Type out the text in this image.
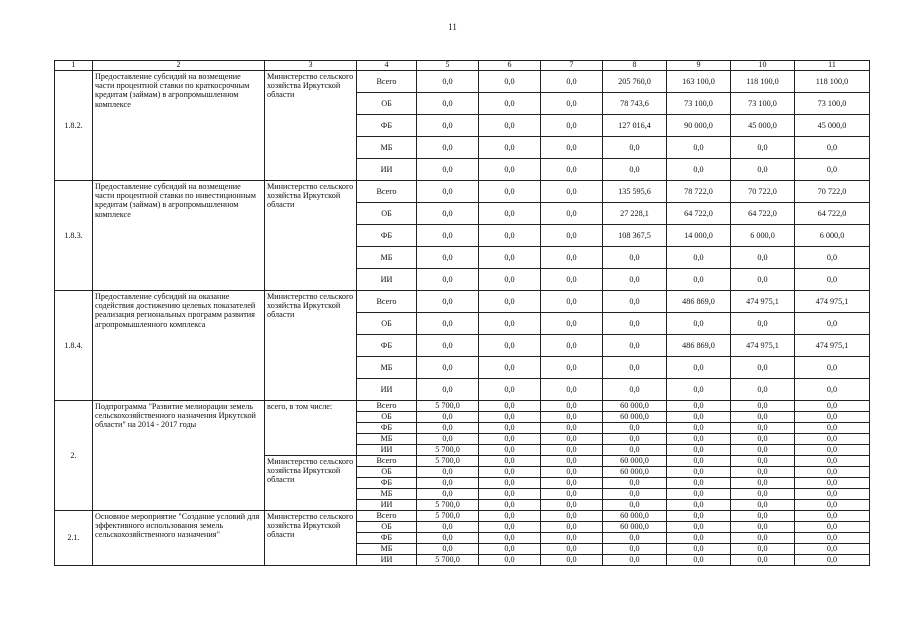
11
1	2	3	4	5	6	7	8	9	10	11
1.8.2.	Предоставление субсидий на возмещение части процентной ставки по краткосрочным кредитам (займам) в агропромышленном комплексе	Министерство сельского хозяйства Иркутской области	Всего	0,0	0,0	0,0	205 760,0	163 100,0	118 100,0	118 100,0
			ОБ	0,0	0,0	0,0	78 743,6	73 100,0	73 100,0	73 100,0
			ФБ	0,0	0,0	0,0	127 016,4	90 000,0	45 000,0	45 000,0
			МБ	0,0	0,0	0,0	0,0	0,0	0,0	0,0
			ИИ	0,0	0,0	0,0	0,0	0,0	0,0	0,0
1.8.3.	Предоставление субсидий на возмещение части процентной ставки по инвестиционным кредитам (займам) в агропромышленном комплексе	Министерство сельского хозяйства Иркутской области	Всего	0,0	0,0	0,0	135 595,6	78 722,0	70 722,0	70 722,0
			ОБ	0,0	0,0	0,0	27 228,1	64 722,0	64 722,0	64 722,0
			ФБ	0,0	0,0	0,0	108 367,5	14 000,0	6 000,0	6 000,0
			МБ	0,0	0,0	0,0	0,0	0,0	0,0	0,0
			ИИ	0,0	0,0	0,0	0,0	0,0	0,0	0,0
1.8.4.	Предоставление субсидий на оказание содействия достижению целевых показателей реализация региональных программ развития агропромышленного комплекса	Министерство сельского хозяйства Иркутской области	Всего	0,0	0,0	0,0	0,0	486 869,0	474 975,1	474 975,1
			ОБ	0,0	0,0	0,0	0,0	0,0	0,0	0,0
			ФБ	0,0	0,0	0,0	0,0	486 869,0	474 975,1	474 975,1
			МБ	0,0	0,0	0,0	0,0	0,0	0,0	0,0
			ИИ	0,0	0,0	0,0	0,0	0,0	0,0	0,0
2.	Подпрограмма "Развитие мелиорации земель сельскохозяйственного назначения Иркутской области" на 2014 - 2017 годы	всего, в том числе:	Всего	5 700,0	0,0	0,0	60 000,0	0,0	0,0	0,0
			ОБ	0,0	0,0	0,0	60 000,0	0,0	0,0	0,0
			ФБ	0,0	0,0	0,0	0,0	0,0	0,0	0,0
			МБ	0,0	0,0	0,0	0,0	0,0	0,0	0,0
			ИИ	5 700,0	0,0	0,0	0,0	0,0	0,0	0,0
		Министерство сельского хозяйства Иркутской области	Всего	5 700,0	0,0	0,0	60 000,0	0,0	0,0	0,0
			ОБ	0,0	0,0	0,0	60 000,0	0,0	0,0	0,0
			ФБ	0,0	0,0	0,0	0,0	0,0	0,0	0,0
			МБ	0,0	0,0	0,0	0,0	0,0	0,0	0,0
			ИИ	5 700,0	0,0	0,0	0,0	0,0	0,0	0,0
2.1.	Основное мероприятие "Создание условий для эффективного использования земель сельскохозяйственного назначения"	Министерство сельского хозяйства Иркутской области	Всего	5 700,0	0,0	0,0	60 000,0	0,0	0,0	0,0
			ОБ	0,0	0,0	0,0	60 000,0	0,0	0,0	0,0
			ФБ	0,0	0,0	0,0	0,0	0,0	0,0	0,0
			МБ	0,0	0,0	0,0	0,0	0,0	0,0	0,0
			ИИ	5 700,0	0,0	0,0	0,0	0,0	0,0	0,0
